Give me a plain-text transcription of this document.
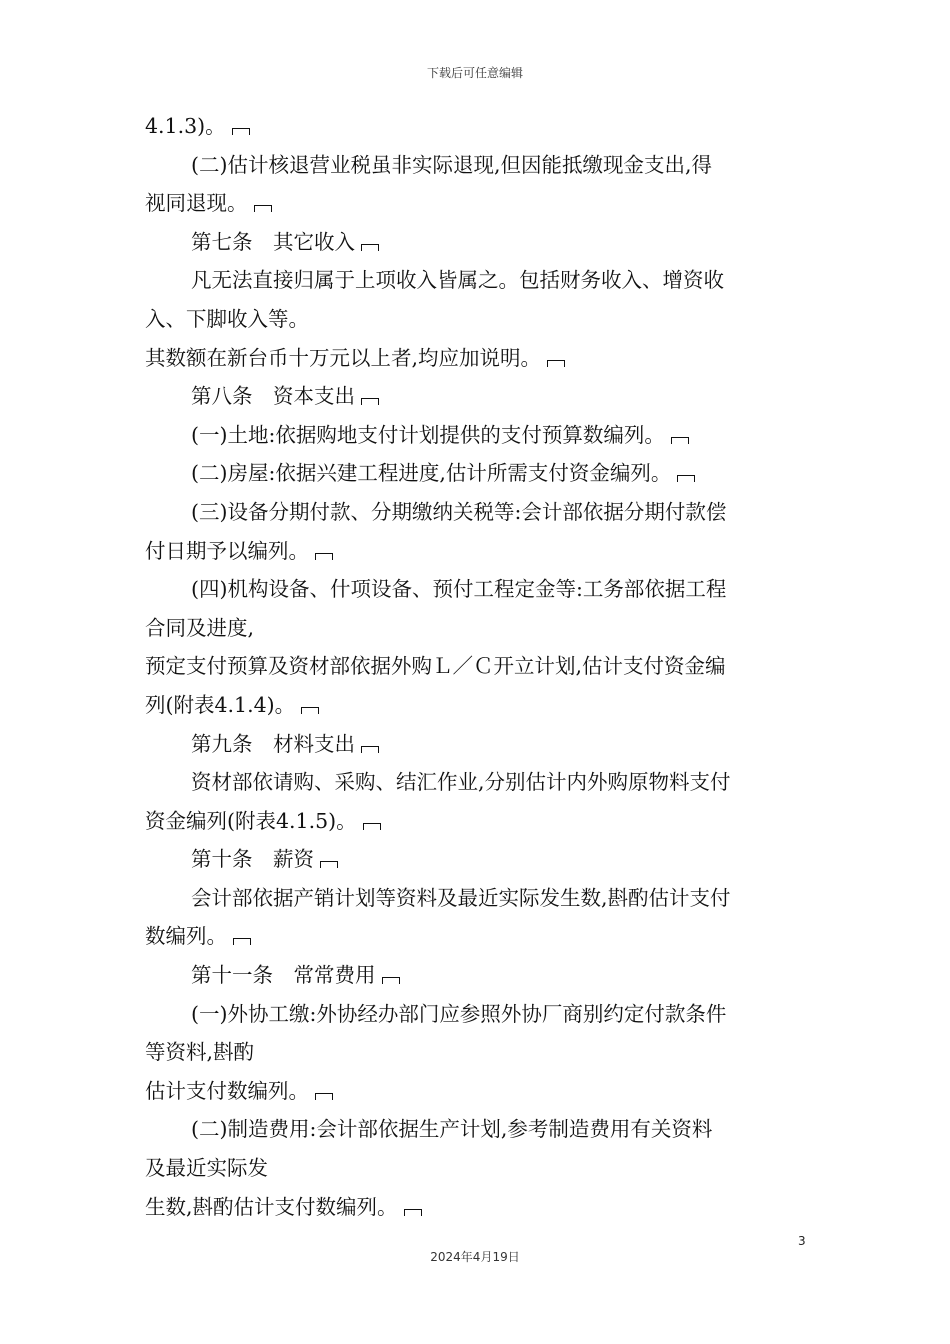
下载后可任意编辑
4.1.3)。
(二)估计核退营业税虽非实际退现,但因能抵缴现金支出,得
视同退现。
第七条　其它收入
凡无法直接归属于上项收入皆属之。包括财务收入、增资收
入、下脚收入等。
其数额在新台币十万元以上者,均应加说明。
第八条　资本支出
(一)土地:依据购地支付计划提供的支付预算数编列。
(二)房屋:依据兴建工程进度,估计所需支付资金编列。
(三)设备分期付款、分期缴纳关税等:会计部依据分期付款偿
付日期予以编列。
(四)机构设备、什项设备、预付工程定金等:工务部依据工程
合同及进度,
预定支付预算及资材部依据外购Ｌ／Ｃ开立计划,估计支付资金编
列(附表4.1.4)。
第九条　材料支出
资材部依请购、采购、结汇作业,分别估计内外购原物料支付
资金编列(附表4.1.5)。
第十条　薪资
会计部依据产销计划等资料及最近实际发生数,斟酌估计支付
数编列。
第十一条　常常费用
(一)外协工缴:外协经办部门应参照外协厂商别约定付款条件
等资料,斟酌
估计支付数编列。
(二)制造费用:会计部依据生产计划,参考制造费用有关资料
及最近实际发
生数,斟酌估计支付数编列。
3
2024年4月19日
